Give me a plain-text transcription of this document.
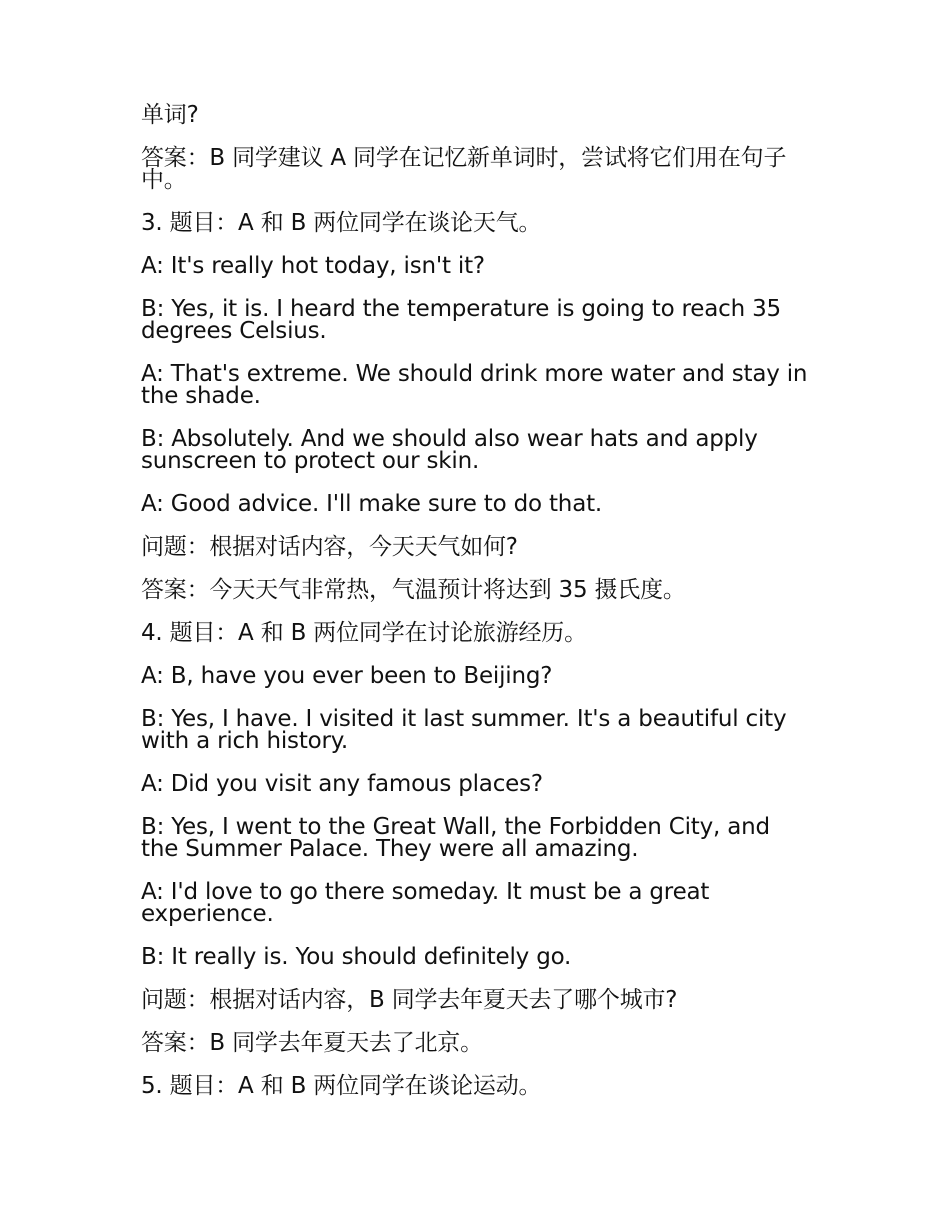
单词?

答案：B 同学建议 A 同学在记忆新单词时，尝试将它们用在句子中。

3. 题目：A 和 B 两位同学在谈论天气。

A: It's really hot today, isn't it?

B: Yes, it is. I heard the temperature is going to reach 35 degrees Celsius.

A: That's extreme. We should drink more water and stay in the shade.

B: Absolutely. And we should also wear hats and apply sunscreen to protect our skin.

A: Good advice. I'll make sure to do that.

问题：根据对话内容，今天天气如何?

答案：今天天气非常热，气温预计将达到 35 摄氏度。

4. 题目：A 和 B 两位同学在讨论旅游经历。

A: B, have you ever been to Beijing?

B: Yes, I have. I visited it last summer. It's a beautiful city with a rich history.

A: Did you visit any famous places?

B: Yes, I went to the Great Wall, the Forbidden City, and the Summer Palace. They were all amazing.

A: I'd love to go there someday. It must be a great experience.

B: It really is. You should definitely go.

问题：根据对话内容，B 同学去年夏天去了哪个城市?

答案：B 同学去年夏天去了北京。

5. 题目：A 和 B 两位同学在谈论运动。
